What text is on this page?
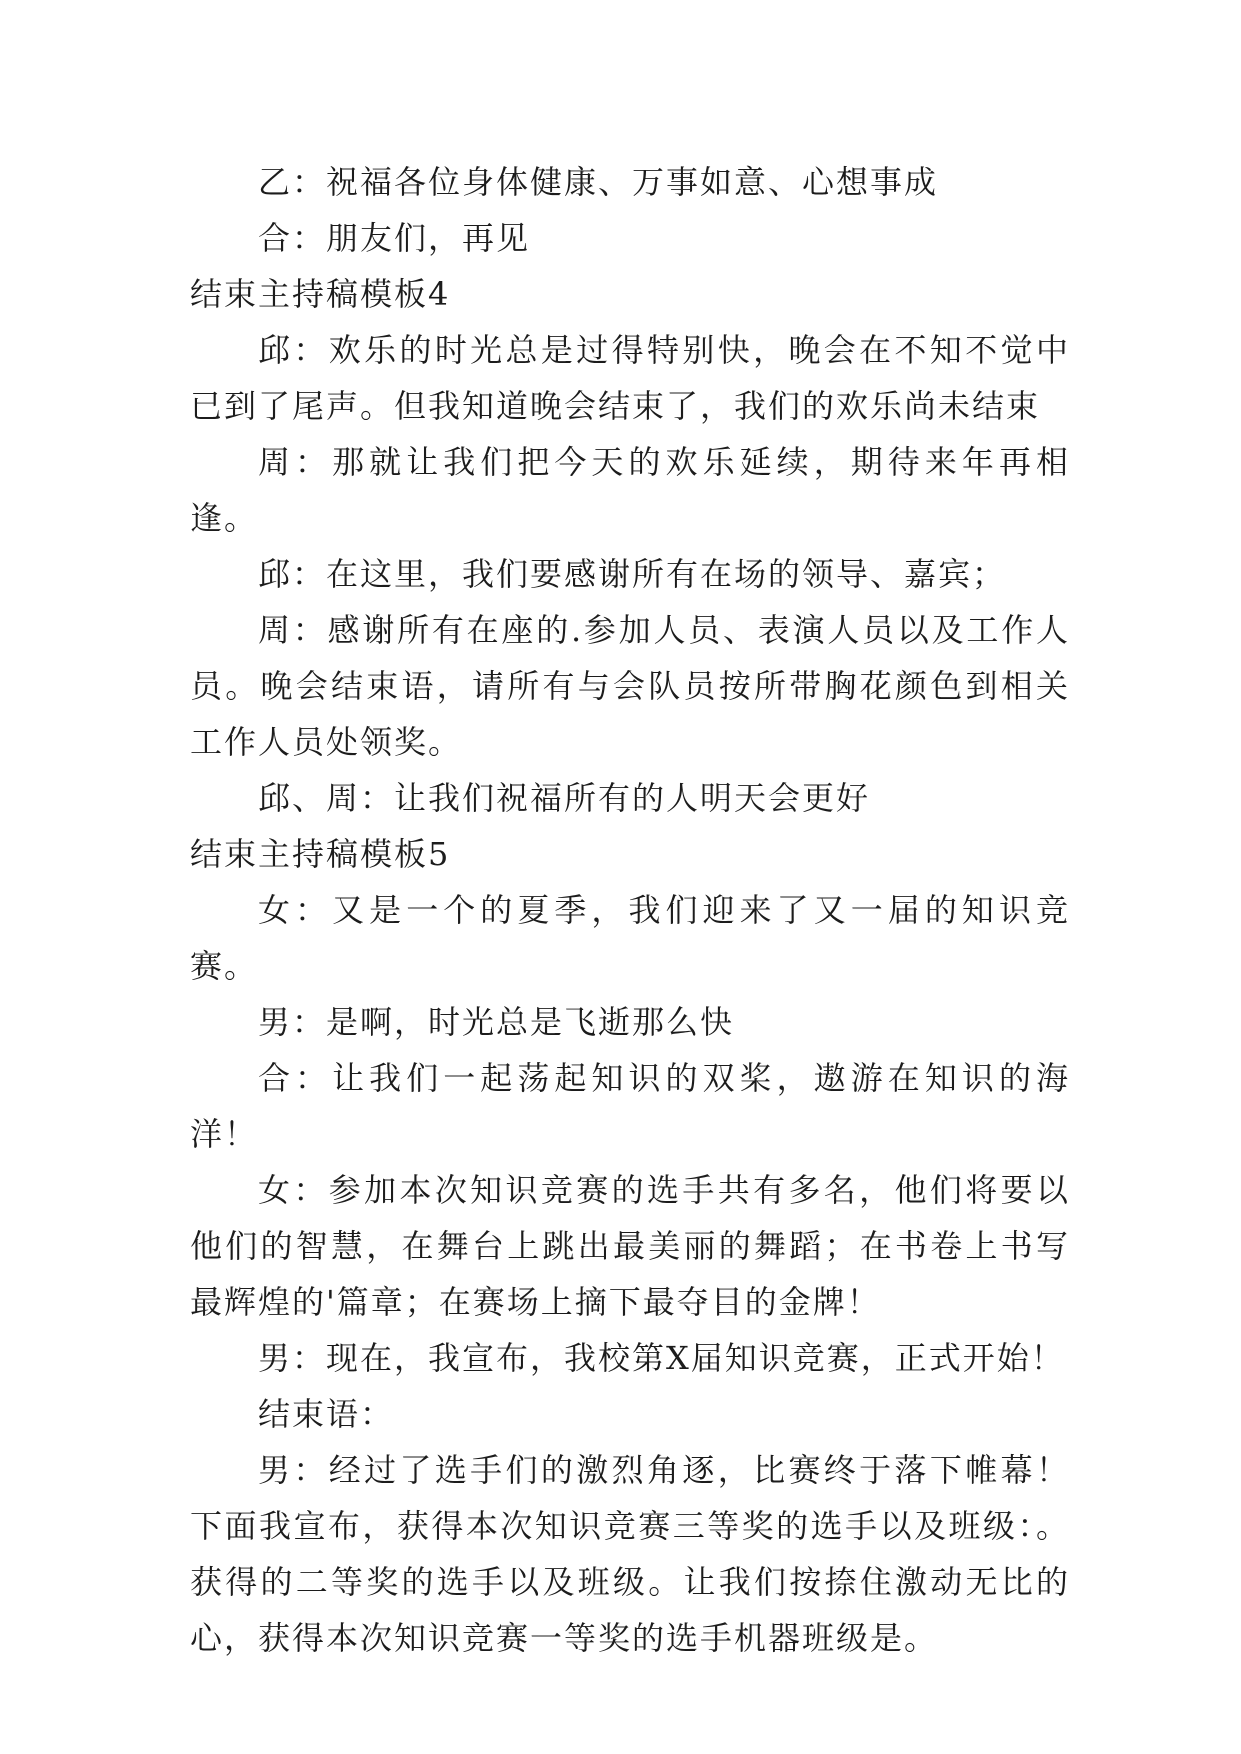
乙：祝福各位身体健康、万事如意、心想事成

合：朋友们，再见

结束主持稿模板4

邱：欢乐的时光总是过得特别快，晚会在不知不觉中已到了尾声。但我知道晚会结束了，我们的欢乐尚未结束

周：那就让我们把今天的欢乐延续，期待来年再相逢。

邱：在这里，我们要感谢所有在场的领导、嘉宾；

周：感谢所有在座的.参加人员、表演人员以及工作人员。晚会结束语，请所有与会队员按所带胸花颜色到相关工作人员处领奖。

邱、周：让我们祝福所有的人明天会更好

结束主持稿模板5

女：又是一个的夏季，我们迎来了又一届的知识竞赛。

男：是啊，时光总是飞逝那么快

合：让我们一起荡起知识的双桨，遨游在知识的海洋！

女：参加本次知识竞赛的选手共有多名，他们将要以他们的智慧，在舞台上跳出最美丽的舞蹈；在书卷上书写最辉煌的'篇章；在赛场上摘下最夺目的金牌！

男：现在，我宣布，我校第X届知识竞赛，正式开始！

结束语：

男：经过了选手们的激烈角逐，比赛终于落下帷幕！下面我宣布，获得本次知识竞赛三等奖的选手以及班级：。获得的二等奖的选手以及班级。让我们按捺住激动无比的心，获得本次知识竞赛一等奖的选手机器班级是。
